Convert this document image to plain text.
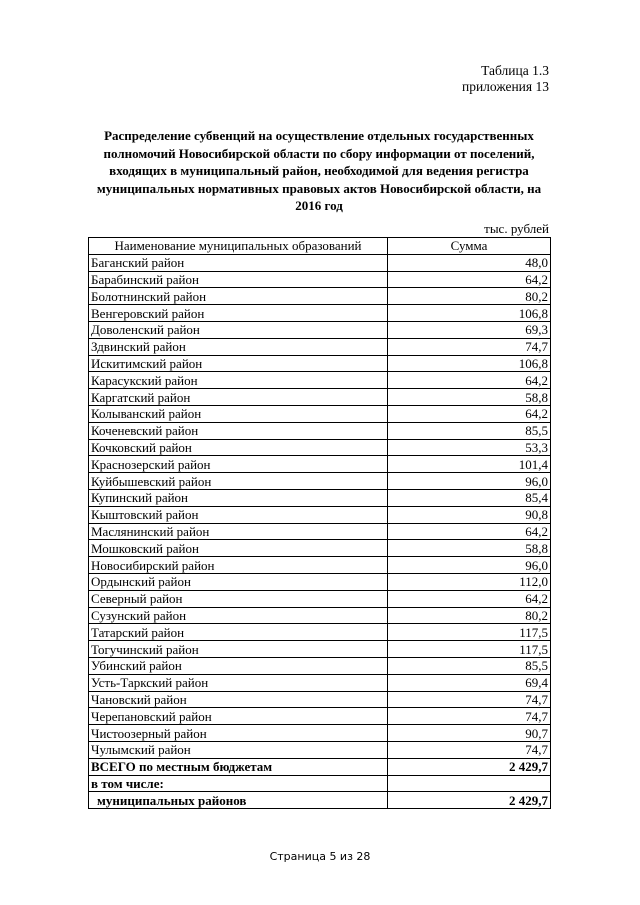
Таблица 1.3
приложения 13
Распределение субвенций на осуществление отдельных государственных полномочий Новосибирской области по сбору информации от поселений, входящих в муниципальный район, необходимой для ведения регистра муниципальных нормативных правовых актов Новосибирской области, на 2016 год
тыс. рублей
Наименование муниципальных образований	Сумма
Баганский район	48,0
Барабинский район	64,2
Болотнинский район	80,2
Венгеровский район	106,8
Доволенский район	69,3
Здвинский район	74,7
Искитимский район	106,8
Карасукский район	64,2
Каргатский район	58,8
Колыванский район	64,2
Коченевский район	85,5
Кочковский район	53,3
Краснозерский район	101,4
Куйбышевский район	96,0
Купинский район	85,4
Кыштовский район	90,8
Маслянинский район	64,2
Мошковский район	58,8
Новосибирский район	96,0
Ордынский район	112,0
Северный район	64,2
Сузунский район	80,2
Татарский район	117,5
Тогучинский район	117,5
Убинский район	85,5
Усть-Таркский район	69,4
Чановский район	74,7
Черепановский район	74,7
Чистоозерный район	90,7
Чулымский район	74,7
ВСЕГО по местным бюджетам	2 429,7
в том числе:	
муниципальных районов	2 429,7
Страница 5 из 28
